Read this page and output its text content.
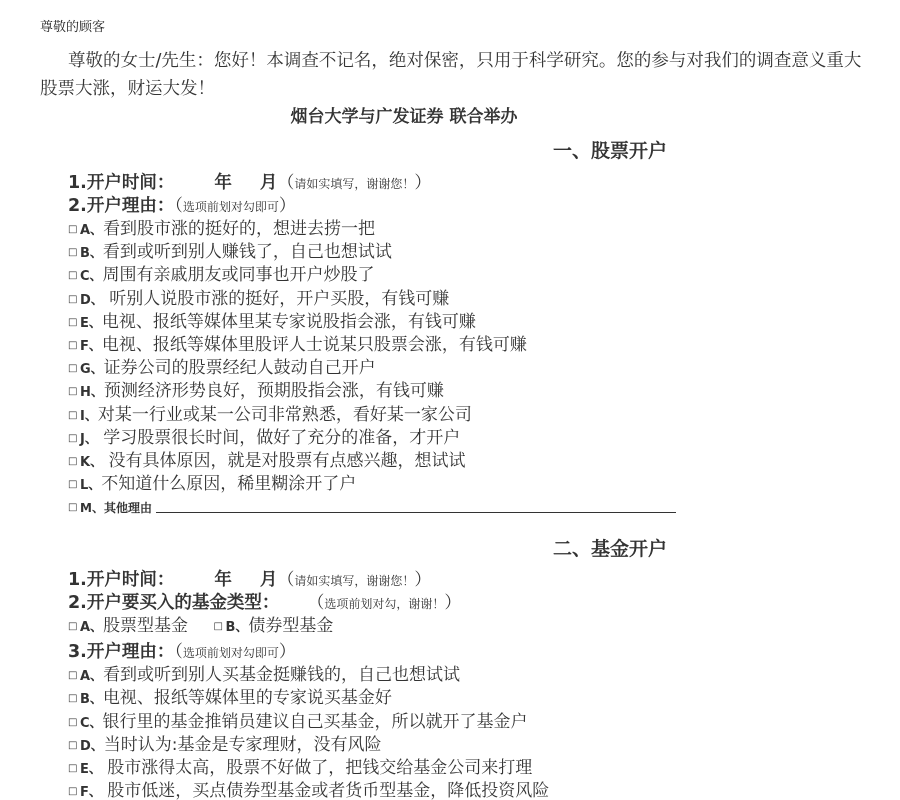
尊敬的顾客
尊敬的女士/先生：您好！本调查不记名，绝对保密，只用于科学研究。您的参与对我们的调查意义重大
股票大涨，财运大发！
烟台大学与广发证券 联合举办
一、股票开户
1.开户时间： 年 月（请如实填写，谢谢您！）
2.开户理由：（选项前划对勾即可）
□ A、看到股市涨的挺好的，想进去捞一把
□ B、看到或听到别人赚钱了，自己也想试试
□ C、周围有亲戚朋友或同事也开户炒股了
□ D、 听别人说股市涨的挺好，开户买股，有钱可赚
□ E、电视、报纸等媒体里某专家说股指会涨，有钱可赚
□ F、电视、报纸等媒体里股评人士说某只股票会涨，有钱可赚
□ G、证券公司的股票经纪人鼓动自己开户
□ H、预测经济形势良好，预期股指会涨，有钱可赚
□ I、对某一行业或某一公司非常熟悉，看好某一家公司
□ J、 学习股票很长时间，做好了充分的准备，才开户
□ K、 没有具体原因，就是对股票有点感兴趣，想试试
□ L、不知道什么原因，稀里糊涂开了户
□ M、其他理由
二、基金开户
1.开户时间： 年 月（请如实填写，谢谢您！）
2.开户要买入的基金类型： （选项前划对勾，谢谢！）
□ A、股票型基金	□ B、债券型基金
3.开户理由：（选项前划对勾即可）
□ A、看到或听到别人买基金挺赚钱的，自己也想试试
□ B、电视、报纸等媒体里的专家说买基金好
□ C、银行里的基金推销员建议自己买基金，所以就开了基金户
□ D、当时认为:基金是专家理财，没有风险
□ E、 股市涨得太高，股票不好做了，把钱交给基金公司来打理
□ F、 股市低迷，买点债券型基金或者货币型基金，降低投资风险
